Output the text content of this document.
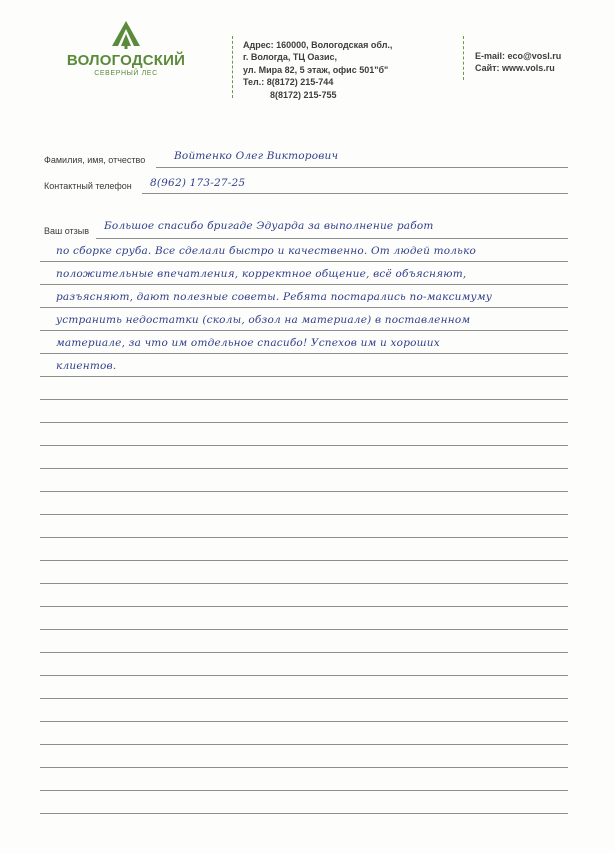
ВОЛОГОДСКИЙ
СЕВЕРНЫЙ ЛЕС
Адрес: 160000, Вологодская обл.,
г. Вологда, ТЦ Оазис,
ул. Мира 82, 5 этаж, офис 501"б"
Тел.: 8(8172) 215-744
8(8172) 215-755
E-mail: eco@vosl.ru
Сайт: www.vols.ru
Фамилия, имя, отчество	Войтенко Олег Викторович
Контактный телефон 8(962) 173-27-25
Ваш отзыв Большое спасибо бригаде Эдуарда за выполнение работ
по сборке сруба. Все сделали быстро и качественно. От людей только
положительные впечатления, корректное общение, всё объясняют,
разъясняют, дают полезные советы. Ребята постарались по-максимуму
устранить недостатки (сколы, обзол на материале) в поставленном
материале, за что им отдельное спасибо! Успехов им и хороших
клиентов.
